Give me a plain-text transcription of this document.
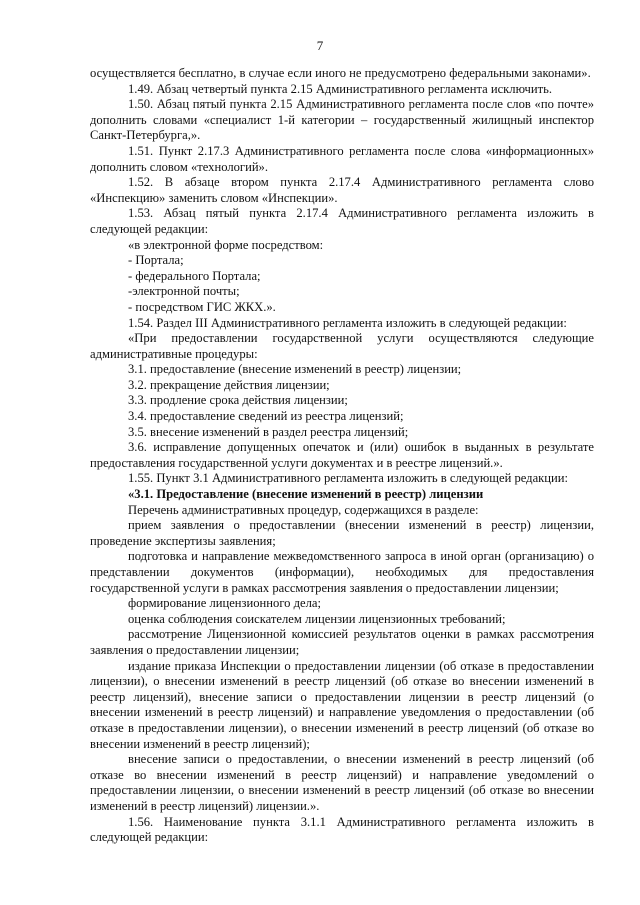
7
осуществляется бесплатно, в случае если иного не предусмотрено федеральными законами».
1.49. Абзац четвертый пункта 2.15 Административного регламента исключить.
1.50. Абзац пятый пункта 2.15 Административного регламента после слов «по почте» дополнить словами «специалист 1-й категории – государственный жилищный инспектор Санкт-Петербурга,».
1.51. Пункт 2.17.3 Административного регламента после слова «информационных» дополнить словом «технологий».
1.52. В абзаце втором пункта 2.17.4 Административного регламента слово «Инспекцию» заменить словом «Инспекции».
1.53. Абзац пятый пункта 2.17.4 Административного регламента изложить в следующей редакции:
«в электронной форме посредством:
- Портала;
- федерального Портала;
-электронной почты;
- посредством ГИС ЖКХ.».
1.54. Раздел III Административного регламента изложить в следующей редакции:
«При предоставлении государственной услуги осуществляются следующие административные процедуры:
3.1. предоставление (внесение изменений в реестр) лицензии;
3.2. прекращение действия лицензии;
3.3. продление срока действия лицензии;
3.4. предоставление сведений из реестра лицензий;
3.5. внесение изменений в раздел реестра лицензий;
3.6. исправление допущенных опечаток и (или) ошибок в выданных в результате предоставления государственной услуги документах и в реестре лицензий.».
1.55. Пункт 3.1 Административного регламента изложить в следующей редакции:
«3.1. Предоставление (внесение изменений в реестр) лицензии
Перечень административных процедур, содержащихся в разделе:
прием заявления о предоставлении (внесении изменений в реестр) лицензии, проведение экспертизы заявления;
подготовка и направление межведомственного запроса в иной орган (организацию) о представлении документов (информации), необходимых для предоставления государственной услуги в рамках рассмотрения заявления о предоставлении лицензии;
формирование лицензионного дела;
оценка соблюдения соискателем лицензии лицензионных требований;
рассмотрение Лицензионной комиссией результатов оценки в рамках рассмотрения заявления о предоставлении лицензии;
издание приказа Инспекции о предоставлении лицензии (об отказе в предоставлении лицензии), о внесении изменений в реестр лицензий (об отказе во внесении изменений в реестр лицензий), внесение записи о предоставлении лицензии в реестр лицензий (о внесении изменений в реестр лицензий) и направление уведомления о предоставлении (об отказе в предоставлении лицензии), о внесении изменений в реестр лицензий (об отказе во внесении изменений в реестр лицензий);
внесение записи о предоставлении, о внесении изменений в реестр лицензий (об отказе во внесении изменений в реестр лицензий) и направление уведомлений о предоставлении лицензии, о внесении изменений в реестр лицензий (об отказе во внесении изменений в реестр лицензий) лицензии.».
1.56. Наименование пункта 3.1.1 Административного регламента изложить в следующей редакции:
